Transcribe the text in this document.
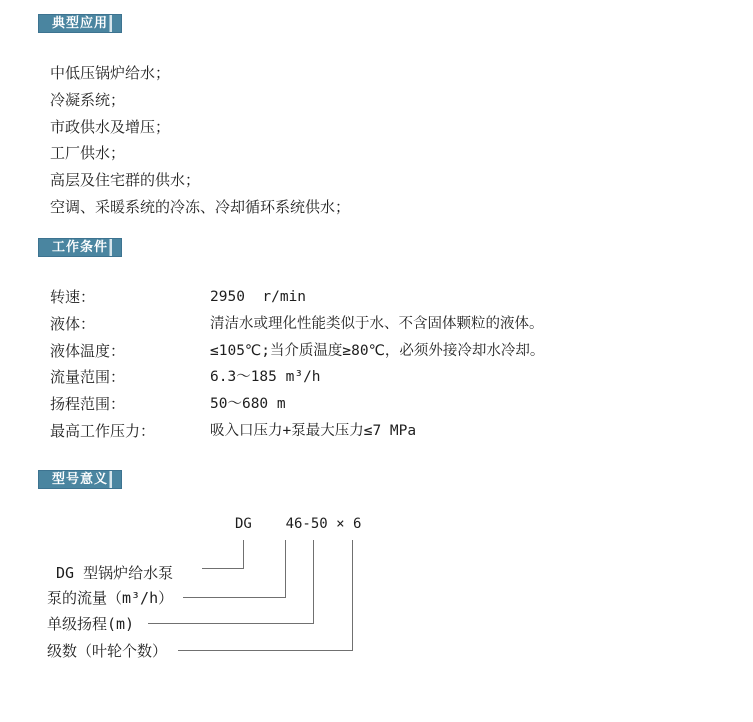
典型应用
中低压锅炉给水；
冷凝系统；
市政供水及增压；
工厂供水；
高层及住宅群的供水；
空调、采暖系统的冷冻、冷却循环系统供水；
工作条件
转速：	2950  r/min
液体：	清洁水或理化性能类似于水、不含固体颗粒的液体。
液体温度：	≤105℃;当介质温度≥80℃，必须外接冷却水冷却。
流量范围：	6.3～185 m³/h
扬程范围：	50～680 m
最高工作压力：	吸入口压力+泵最大压力≤7 MPa
型号意义
DG    46-50 × 6
DG 型锅炉给水泵
泵的流量（m³/h）
单级扬程(m)
级数（叶轮个数）
